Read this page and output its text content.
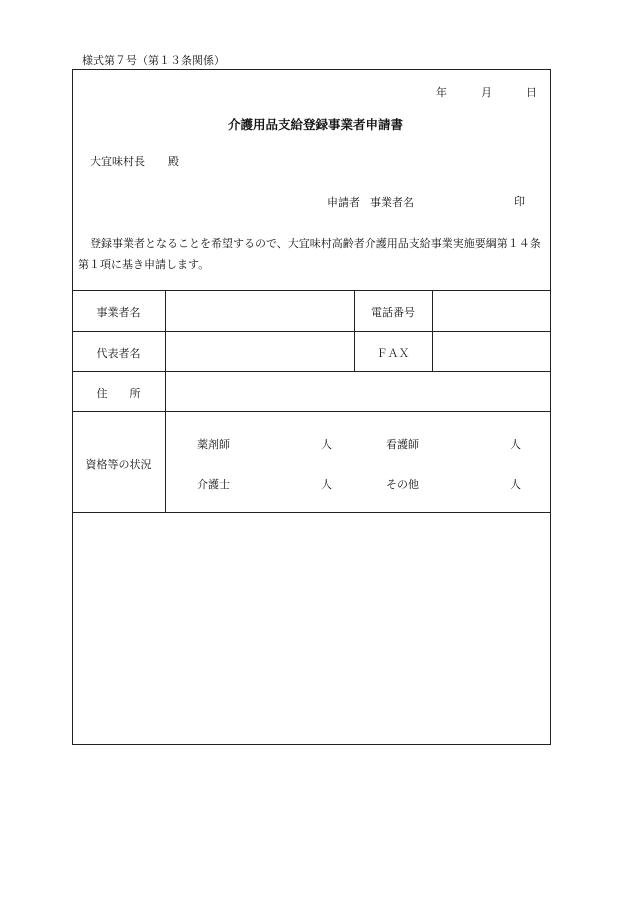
様式第７号（第１３条関係）
年	月	日
介護用品支給登録事業者申請書
大宜味村長 殿
申請者 事業者名	印
登録事業者となることを希望するので、大宜味村高齢者介護用品支給事業実施要綱第１４条
第１項に基き申請します。
事業者名	電話番号
代表者名	ＦＡＸ
住　　所
資格等の状況
薬剤師	人	看護師	人
介護士	人	その他	人
